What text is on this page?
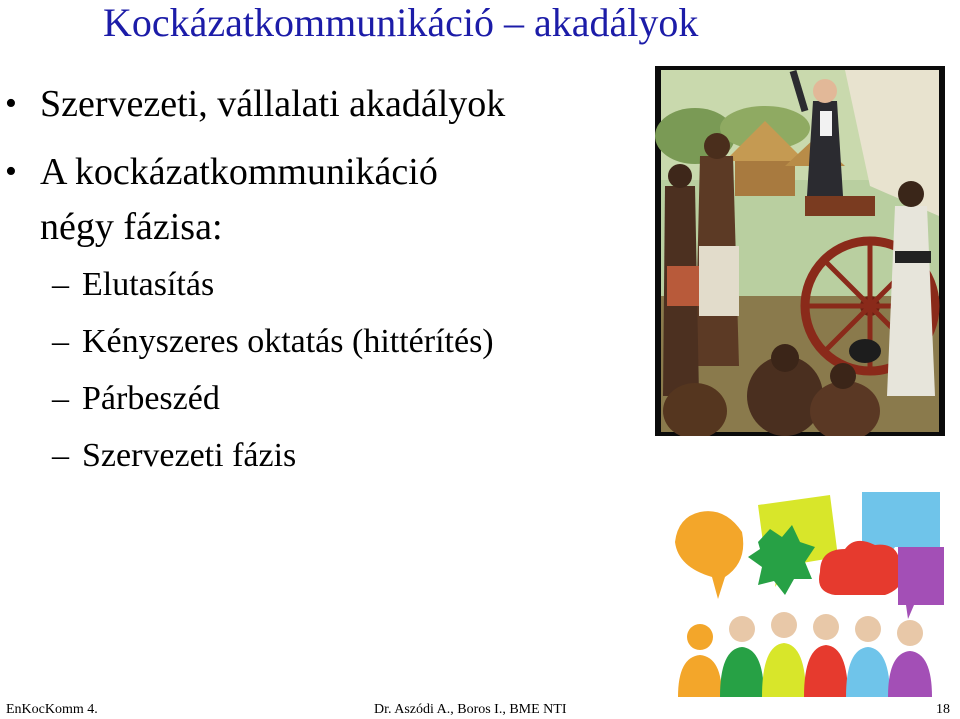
Kockázatkommunikáció – akadályok
• Szervezeti, vállalati akadályok
• A kockázatkommunikáció
négy fázisa:
– Elutasítás
– Kényszeres oktatás (hittérítés)
– Párbeszéd
– Szervezeti fázis
EnKocKomm 4.	Dr. Aszódi A., Boros I., BME NTI	18
